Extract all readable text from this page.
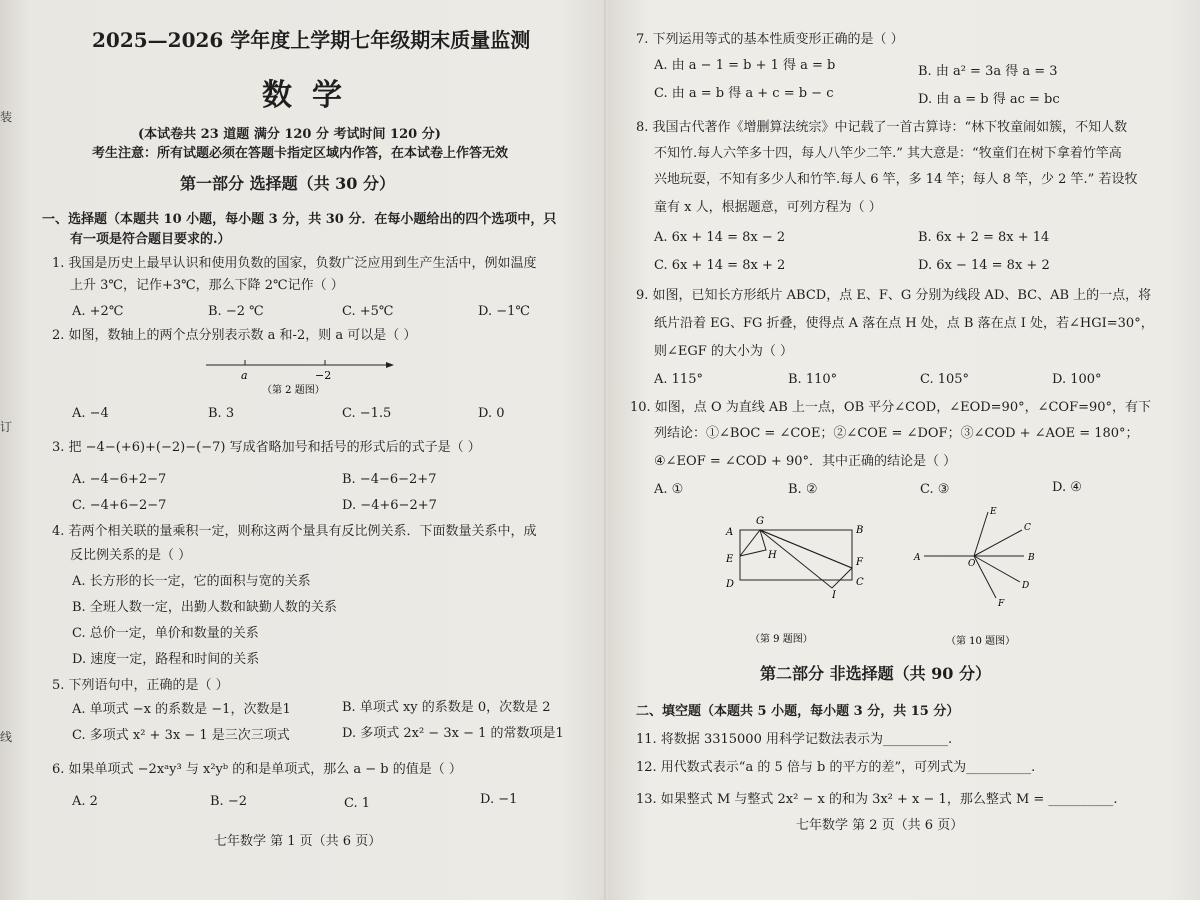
装
订
线
2025—2026 学年度上学期七年级期末质量监测
数学
(本试卷共 23 道题 满分 120 分 考试时间 120 分)
考生注意：所有试题必须在答题卡指定区域内作答，在本试卷上作答无效
第一部分 选择题（共 30 分）
一、选择题（本题共 10 小题，每小题 3 分，共 30 分．在每小题给出的四个选项中，只
有一项是符合题目要求的.）
1. 我国是历史上最早认识和使用负数的国家，负数广泛应用到生产生活中，例如温度
上升 3℃，记作+3℃，那么下降 2℃记作（ ）
A. +2℃	B. −2 ℃	C. +5℃	D. −1℃
2. 如图，数轴上的两个点分别表示数 a 和-2，则 a 可以是（ ）
a	−2
（第 2 题图）
A. −4	B. 3	C. −1.5	D. 0
3. 把 −4−(+6)+(−2)−(−7) 写成省略加号和括号的形式后的式子是（ ）
A. −4−6+2−7	B. −4−6−2+7
C. −4+6−2−7	D. −4+6−2+7
4. 若两个相关联的量乘积一定，则称这两个量具有反比例关系．下面数量关系中，成
反比例关系的是（ ）
A. 长方形的长一定，它的面积与宽的关系
B. 全班人数一定，出勤人数和缺勤人数的关系
C. 总价一定，单价和数量的关系
D. 速度一定，路程和时间的关系
5. 下列语句中，正确的是（ ）
A. 单项式 −x 的系数是 −1，次数是1	B. 单项式 xy 的系数是 0，次数是 2
C. 多项式 x² + 3x − 1 是三次三项式	D. 多项式 2x² − 3x − 1 的常数项是1
6. 如果单项式 −2xᵃy³ 与 x²yᵇ 的和是单项式，那么 a − b 的值是（ ）
A. 2	B. −2	C. 1	D. −1
七年数学 第 1 页（共 6 页）
7. 下列运用等式的基本性质变形正确的是（ ）
A. 由 a − 1 = b + 1 得 a = b	B. 由 a² = 3a 得 a = 3
C. 由 a = b 得 a + c = b − c	D. 由 a = b 得 ac = bc
8. 我国古代著作《增删算法统宗》中记载了一首古算诗：“林下牧童闹如簇，不知人数
不知竹.每人六竿多十四，每人八竿少二竿.” 其大意是：“牧童们在树下拿着竹竿高
兴地玩耍，不知有多少人和竹竿.每人 6 竿，多 14 竿；每人 8 竿，少 2 竿.” 若设牧
童有 x 人，根据题意，可列方程为（ ）
A. 6x + 14 = 8x − 2	B. 6x + 2 = 8x + 14
C. 6x + 14 = 8x + 2	D. 6x − 14 = 8x + 2
9. 如图，已知长方形纸片 ABCD，点 E、F、G 分别为线段 AD、BC、AB 上的一点，将
纸片沿着 EG、FG 折叠，使得点 A 落在点 H 处，点 B 落在点 I 处，若∠HGI=30°，
则∠EGF 的大小为（ ）
A. 115°	B. 110°	C. 105°	D. 100°
10. 如图，点 O 为直线 AB 上一点，OB 平分∠COD，∠EOD=90°，∠COF=90°，有下
列结论：①∠BOC = ∠COE；②∠COE = ∠DOF；③∠COD + ∠AOE = 180°；
④∠EOF = ∠COD + 90°．其中正确的结论是（ ）
A. ①	B. ②	C. ③	D. ④
A
G
B
E	H
F
D	C
I
（第 9 题图）
A	B
C
D
E
F
O
（第 10 题图）
第二部分 非选择题（共 90 分）
二、填空题（本题共 5 小题，每小题 3 分，共 15 分）
11. 将数据 3315000 用科学记数法表示为__________.
12. 用代数式表示“a 的 5 倍与 b 的平方的差”，可列式为__________.
13. 如果整式 M 与整式 2x² − x 的和为 3x² + x − 1，那么整式 M = __________.
七年数学 第 2 页（共 6 页）
